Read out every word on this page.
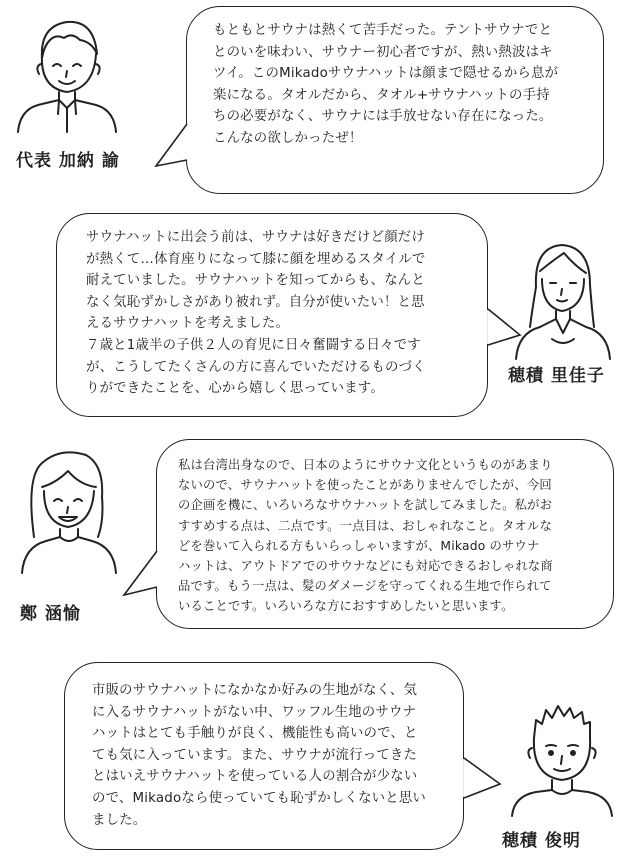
代表 加納 諭
もともとサウナは熱くて苦手だった。テントサウナでと
とのいを味わい、サウナー初心者ですが、熱い熱波はキ
ツイ。このMikadoサウナハットは顔まで隠せるから息が
楽になる。タオルだから、タオル+サウナハットの手持
ちの必要がなく、サウナには手放せない存在になった。
こんなの欲しかったぜ！
サウナハットに出会う前は、サウナは好きだけど顔だけ
が熱くて…体育座りになって膝に顔を埋めるスタイルで
耐えていました。サウナハットを知ってからも、なんと
なく気恥ずかしさがあり被れず。自分が使いたい！と思
えるサウナハットを考えました。
７歳と1歳半の子供２人の育児に日々奮闘する日々です
が、こうしてたくさんの方に喜んでいただけるものづく
りができたことを、心から嬉しく思っています。
穂積 里佳子
鄭 涵愉
私は台湾出身なので、日本のようにサウナ文化というものがあまり
ないので、サウナハットを使ったことがありませんでしたが、今回
の企画を機に、いろいろなサウナハットを試してみました。私がお
すすめする点は、二点です。一点目は、おしゃれなこと。タオルな
どを巻いて入られる方もいらっしゃいますが、Mikado のサウナ
ハットは、アウトドアでのサウナなどにも対応できるおしゃれな商
品です。もう一点は、髪のダメージを守ってくれる生地で作られて
いることです。いろいろな方におすすめしたいと思います。
市販のサウナハットになかなか好みの生地がなく、気
に入るサウナハットがない中、ワッフル生地のサウナ
ハットはとても手触りが良く、機能性も高いので、と
ても気に入っています。また、サウナが流行ってきた
とはいえサウナハットを使っている人の割合が少ない
ので、Mikadoなら使っていても恥ずかしくないと思い
ました。
穂積 俊明
